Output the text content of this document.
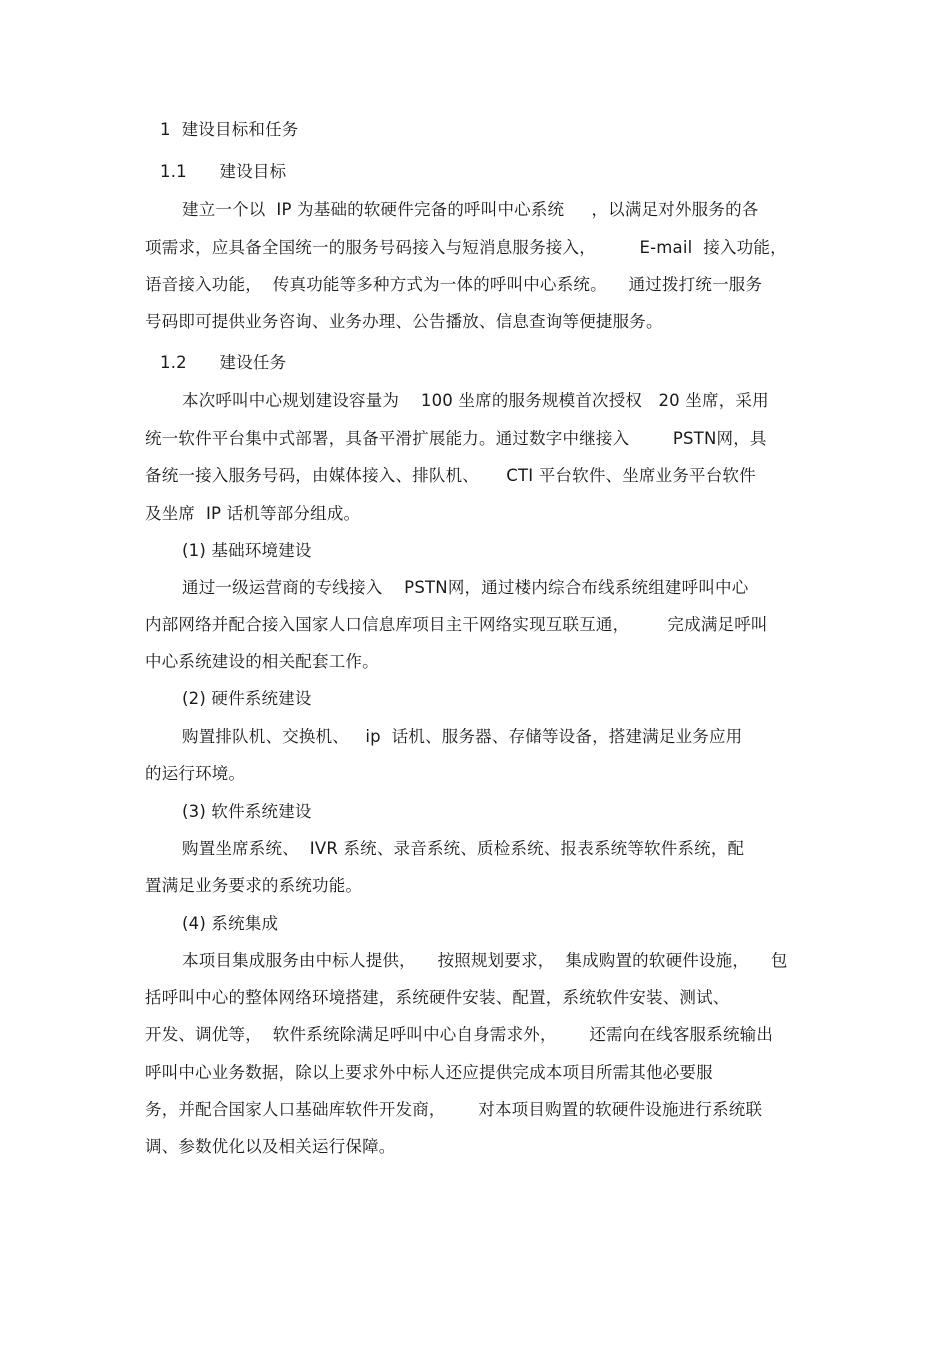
1  建设目标和任务
1.1      建设目标
建立一个以  IP 为基础的软硬件完备的呼叫中心系统     ，以满足对外服务的各
项需求，应具备全国统一的服务号码接入与短消息服务接入，        E-mail  接入功能，
语音接入功能，  传真功能等多种方式为一体的呼叫中心系统。    通过拨打统一服务
号码即可提供业务咨询、业务办理、公告播放、信息查询等便捷服务。
1.2      建设任务
本次呼叫中心规划建设容量为    100 坐席的服务规模首次授权   20 坐席，采用
统一软件平台集中式部署，具备平滑扩展能力。通过数字中继接入        PSTN网，具
备统一接入服务号码，由媒体接入、排队机、     CTI 平台软件、坐席业务平台软件
及坐席  IP 话机等部分组成。
(1) 基础环境建设
通过一级运营商的专线接入    PSTN网，通过楼内综合布线系统组建呼叫中心
内部网络并配合接入国家人口信息库项目主干网络实现互联互通，       完成满足呼叫
中心系统建设的相关配套工作。
(2) 硬件系统建设
购置排队机、交换机、   ip  话机、服务器、存储等设备，搭建满足业务应用
的运行环境。
(3) 软件系统建设
购置坐席系统、  IVR 系统、录音系统、质检系统、报表系统等软件系统，配
置满足业务要求的系统功能。
(4) 系统集成
本项目集成服务由中标人提供，    按照规划要求，  集成购置的软硬件设施，    包
括呼叫中心的整体网络环境搭建，系统硬件安装、配置，系统软件安装、测试、
开发、调优等，  软件系统除满足呼叫中心自身需求外，      还需向在线客服系统输出
呼叫中心业务数据，除以上要求外中标人还应提供完成本项目所需其他必要服
务，并配合国家人口基础库软件开发商，      对本项目购置的软硬件设施进行系统联
调、参数优化以及相关运行保障。
